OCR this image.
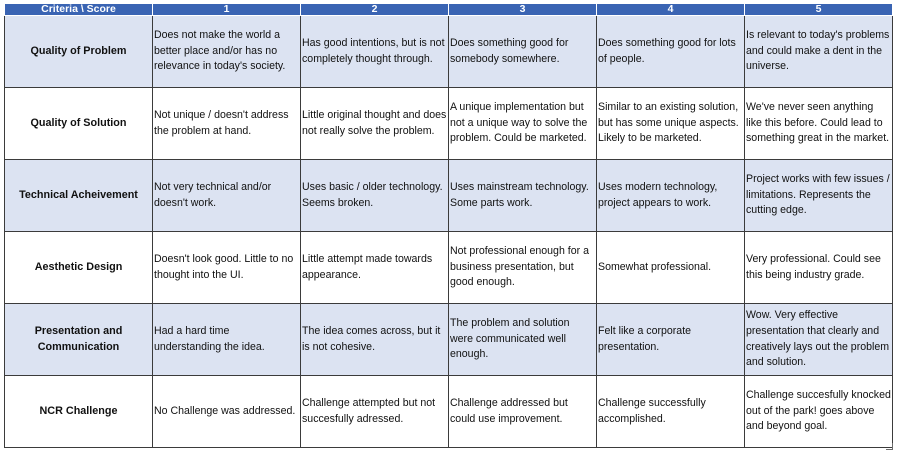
Criteria \ Score	1	2	3	4	5
Quality of Problem	Does not make the world a better place and/or has no relevance in today's society.	Has good intentions, but is not completely thought through.	Does something good for somebody somewhere.	Does something good for lots of people.	Is relevant to today's problems and could make a dent in the universe.
Quality of Solution	Not unique / doesn't address the problem at hand.	Little original thought and does not really solve the problem.	A unique implementation but not a unique way to solve the problem. Could be marketed.	Similar to an existing solution, but has some unique aspects. Likely to be marketed.	We've never seen anything like this before. Could lead to something great in the market.
Technical Acheivement	Not very technical and/or doesn't work.	Uses basic / older technology. Seems broken.	Uses mainstream technology. Some parts work.	Uses modern technology, project appears to work.	Project works with few issues / limitations. Represents the cutting edge.
Aesthetic Design	Doesn't look good. Little to no thought into the UI.	Little attempt made towards appearance.	Not professional enough for a business presentation, but good enough.	Somewhat professional.	Very professional. Could see this being industry grade.
Presentation and Communication	Had a hard time understanding the idea.	The idea comes across, but it is not cohesive.	The problem and solution were communicated well enough.	Felt like a corporate presentation.	Wow. Very effective presentation that clearly and creatively lays out the problem and solution.
NCR Challenge	No Challenge was addressed.	Challenge attempted but not succesfully adressed.	Challenge addressed but could use improvement.	Challenge successfully accomplished.	Challenge succesfully knocked out of the park! goes above and beyond goal.
